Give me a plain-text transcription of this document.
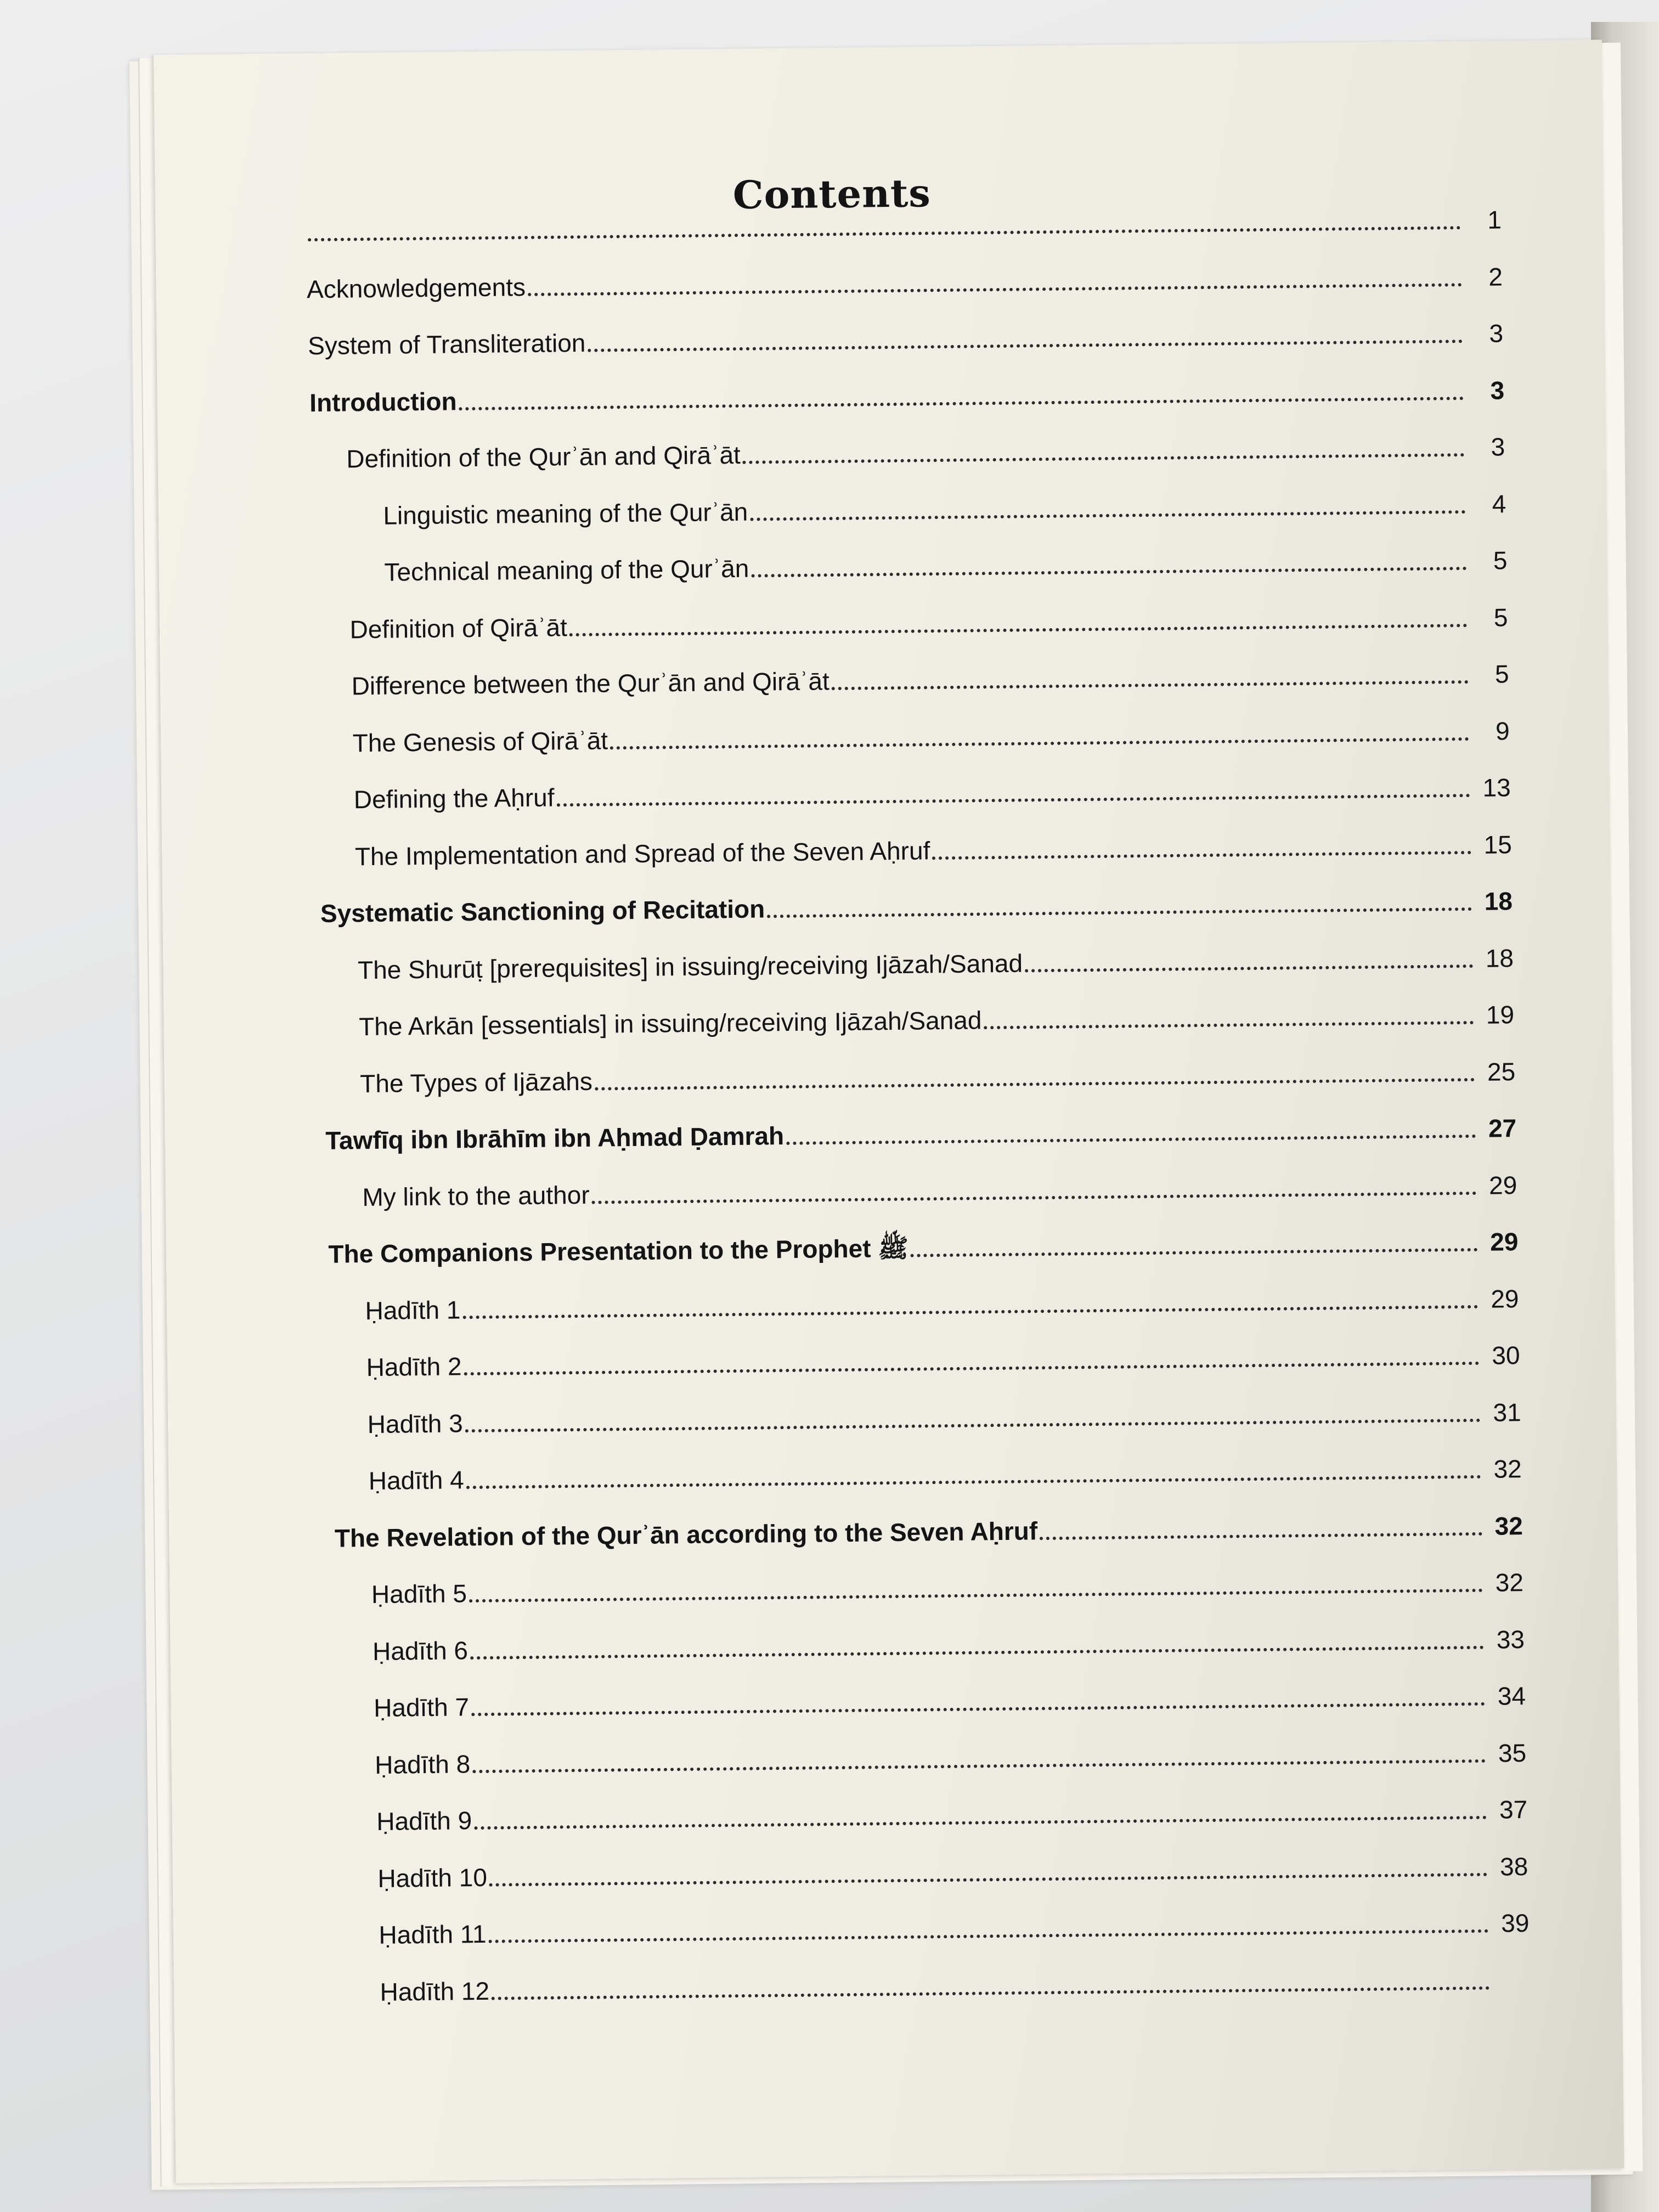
Contents
1
Acknowledgements	2
System of Transliteration	3
Introduction	3
Definition of the Qurʾān and Qirāʾāt	3
Linguistic meaning of the Qurʾān	4
Technical meaning of the Qurʾān	5
Definition of Qirāʾāt	5
Difference between the Qurʾān and Qirāʾāt	5
The Genesis of Qirāʾāt	9
Defining the Aḥruf	13
The Implementation and Spread of the Seven Aḥruf	15
Systematic Sanctioning of Recitation	18
The Shurūṭ [prerequisites] in issuing/receiving Ijāzah/Sanad	18
The Arkān [essentials] in issuing/receiving Ijāzah/Sanad	19
The Types of Ijāzahs	25
Tawfīq ibn Ibrāhīm ibn Aḥmad Ḍamrah	27
My link to the author	29
The Companions Presentation to the Prophet ﷺ	29
Ḥadīth 1	29
Ḥadīth 2	30
Ḥadīth 3	31
Ḥadīth 4	32
The Revelation of the Qurʾān according to the Seven Aḥruf	32
Ḥadīth 5	32
Ḥadīth 6	33
Ḥadīth 7	34
Ḥadīth 8	35
Ḥadīth 9	37
Ḥadīth 10	38
Ḥadīth 11	39
Ḥadīth 12
